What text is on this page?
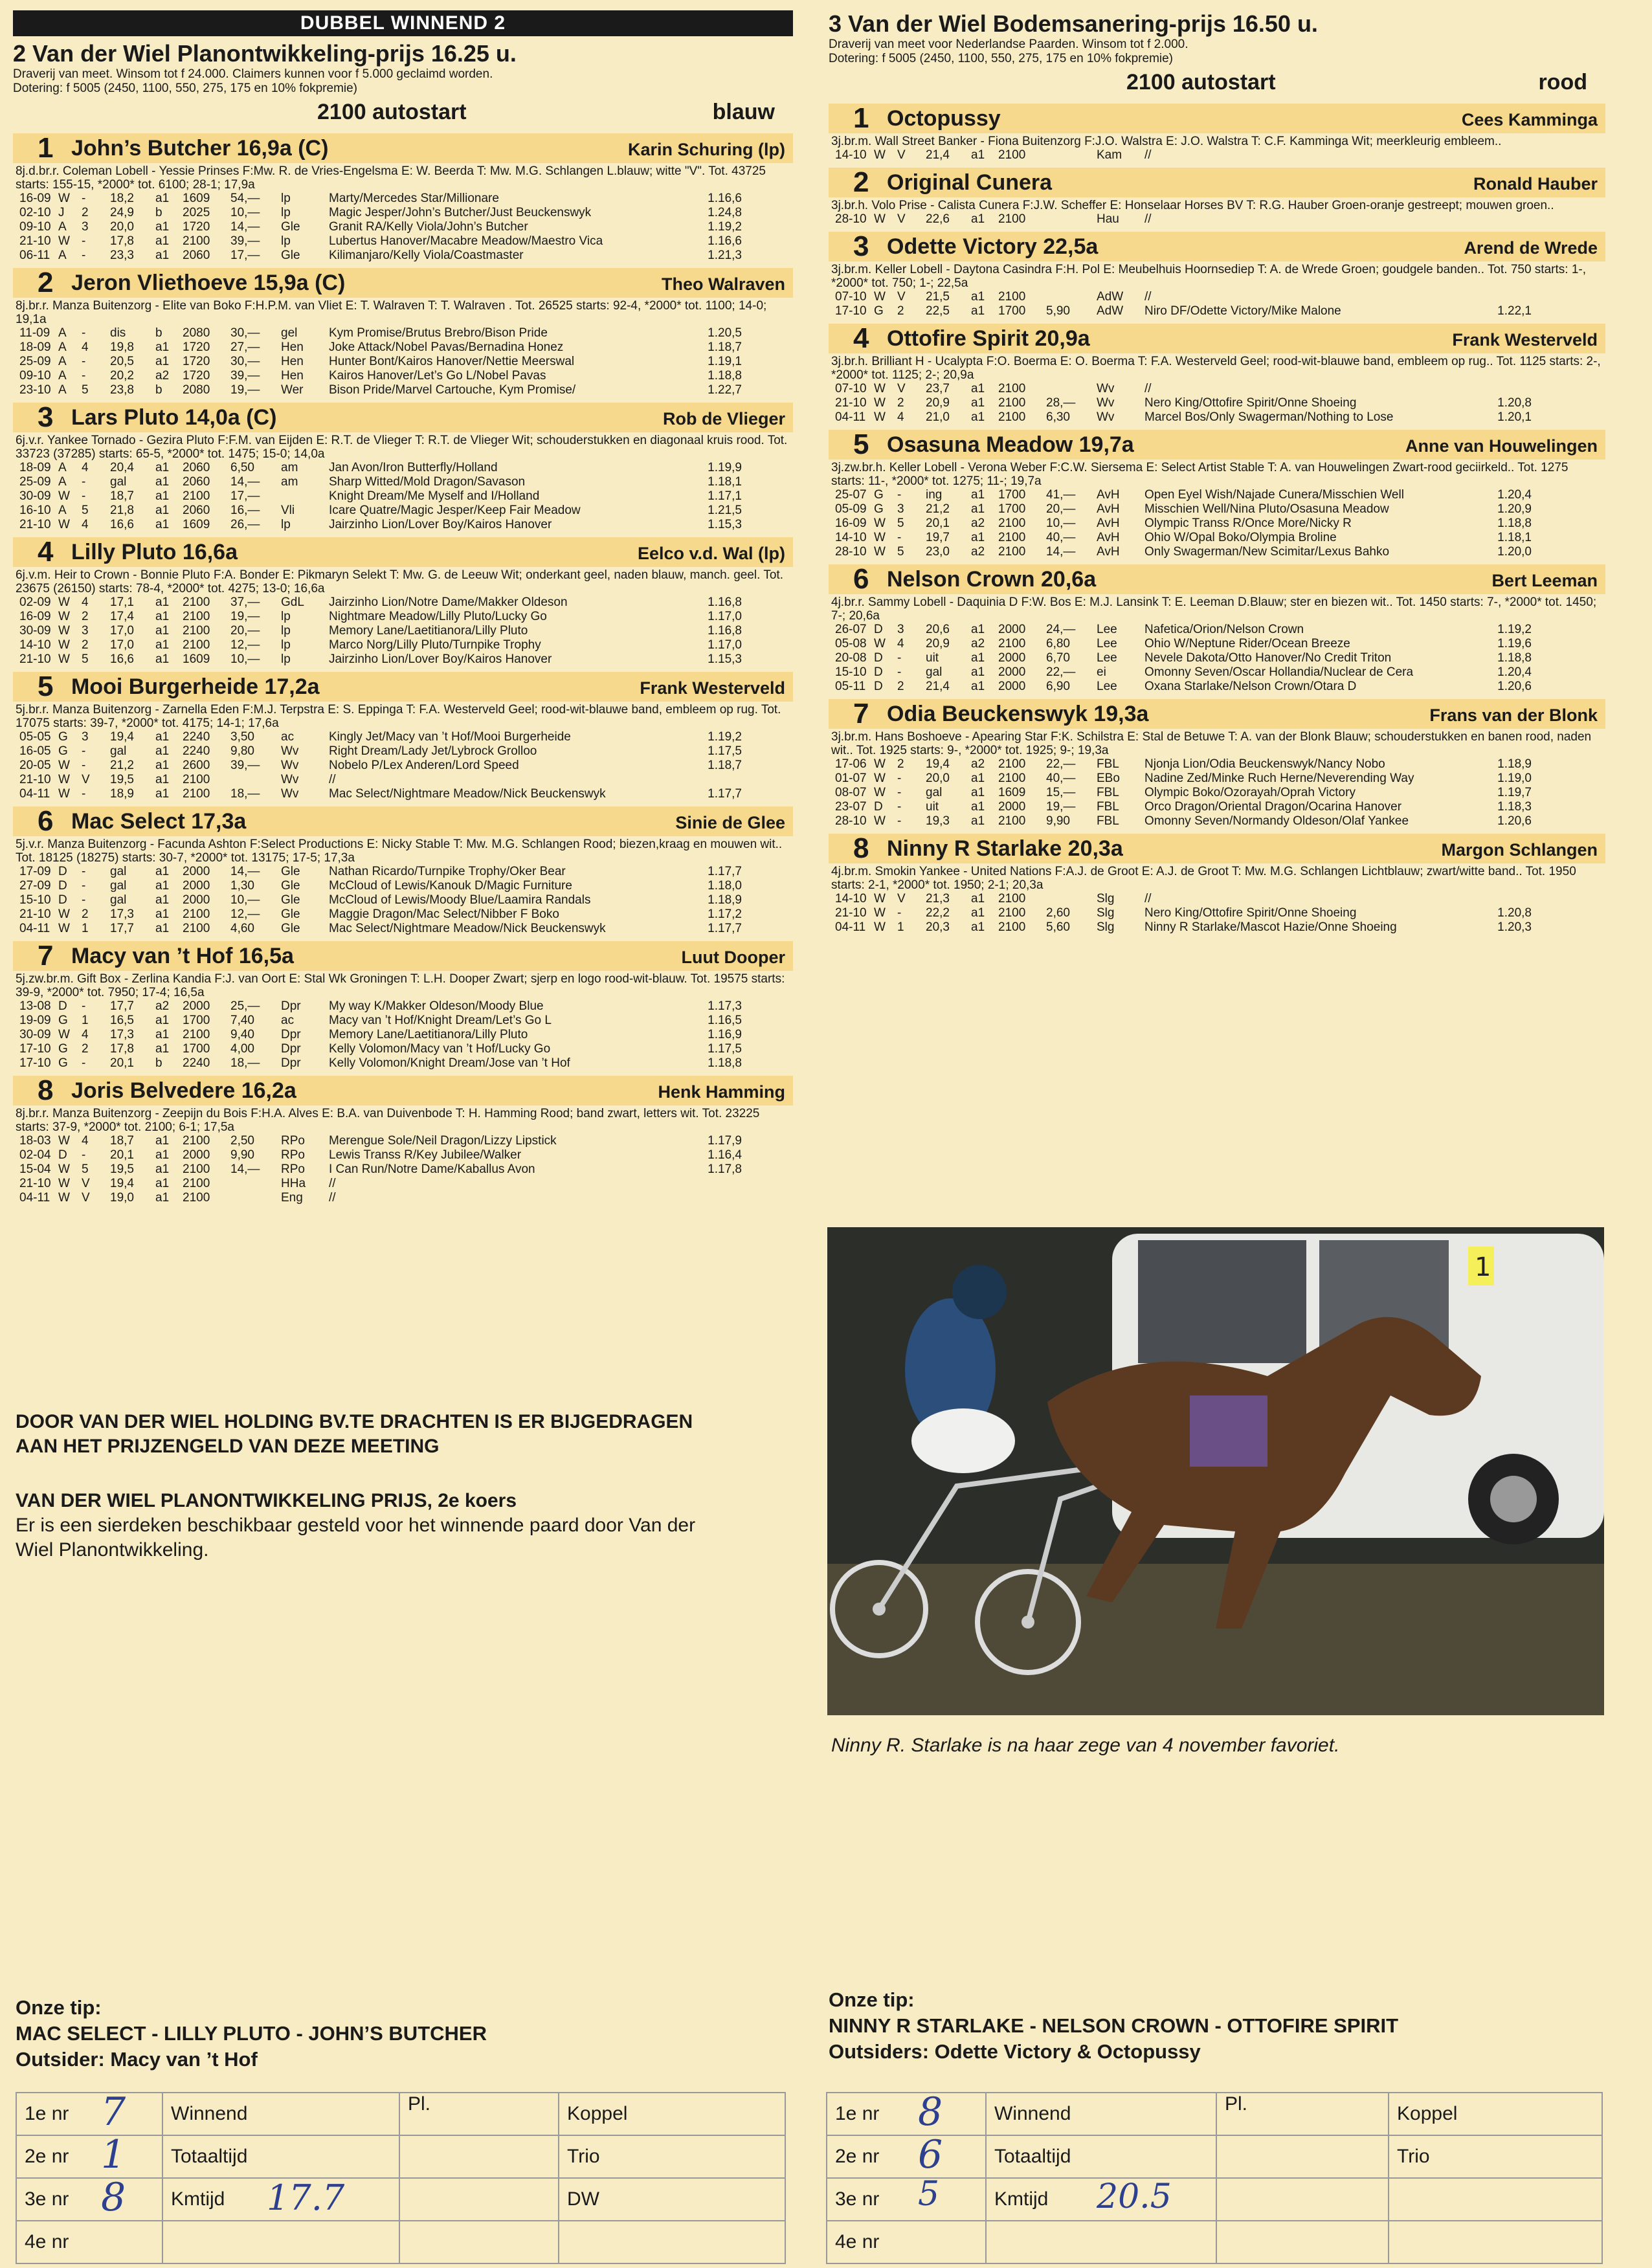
DUBBEL WINNEND 2
2 Van der Wiel Planontwikkeling-prijs 16.25 u.
Draverij van meet. Winsom tot f 24.000. Claimers kunnen voor f 5.000 geclaimd worden.
Dotering: f 5005 (2450, 1100, 550, 275, 175 en 10% fokpremie)
2100 autostart	blauw
1 John’s Butcher 16,9a (C)	Karin Schuring (lp)
8j.d.br.r. Coleman Lobell - Yessie Prinses F:Mw. R. de Vries-Engelsma E: W. Beerda T: Mw. M.G. Schlangen L.blauw; witte "V". Tot. 43725 starts: 155-15, *2000* tot. 6100; 28-1; 17,9a
16-09	W	-	18,2	a1	1609	54,—	lp	Marty/Mercedes Star/Millionare	1.16,6
02-10	J	2	24,9	b	2025	10,—	lp	Magic Jesper/John’s Butcher/Just Beuckenswyk	1.24,8
09-10	A	3	20,0	a1	1720	14,—	Gle	Granit RA/Kelly Viola/John’s Butcher	1.19,2
21-10	W	-	17,8	a1	2100	39,—	lp	Lubertus Hanover/Macabre Meadow/Maestro Vica	1.16,6
06-11	A	-	23,3	a1	2060	17,—	Gle	Kilimanjaro/Kelly Viola/Coastmaster	1.21,3
2 Jeron Vliethoeve 15,9a (C)	Theo Walraven
8j.br.r. Manza Buitenzorg - Elite van Boko F:H.P.M. van Vliet E: T. Walraven T: T. Walraven . Tot. 26525 starts: 92-4, *2000* tot. 1100; 14-0; 19,1a
11-09	A	-	dis	b	2080	30,—	gel	Kym Promise/Brutus Brebro/Bison Pride	1.20,5
18-09	A	4	19,8	a1	1720	27,—	Hen	Joke Attack/Nobel Pavas/Bernadina Honez	1.18,7
25-09	A	-	20,5	a1	1720	30,—	Hen	Hunter Bont/Kairos Hanover/Nettie Meerswal	1.19,1
09-10	A	-	20,2	a2	1720	39,—	Hen	Kairos Hanover/Let’s Go L/Nobel Pavas	1.18,8
23-10	A	5	23,8	b	2080	19,—	Wer	Bison Pride/Marvel Cartouche, Kym Promise/	1.22,7
3 Lars Pluto 14,0a (C)	Rob de Vlieger
6j.v.r. Yankee Tornado - Gezira Pluto F:F.M. van Eijden E: R.T. de Vlieger T: R.T. de Vlieger Wit; schouderstukken en diagonaal kruis rood. Tot. 33723 (37285) starts: 65-5, *2000* tot. 1475; 15-0; 14,0a
18-09	A	4	20,4	a1	2060	6,50	am	Jan Avon/Iron Butterfly/Holland	1.19,9
25-09	A	-	gal	a1	2060	14,—	am	Sharp Witted/Mold Dragon/Savason	1.18,1
30-09	W	-	18,7	a1	2100	17,—		Knight Dream/Me Myself and I/Holland	1.17,1
16-10	A	5	21,8	a1	2060	16,—	Vli	Icare Quatre/Magic Jesper/Keep Fair Meadow	1.21,5
21-10	W	4	16,6	a1	1609	26,—	lp	Jairzinho Lion/Lover Boy/Kairos Hanover	1.15,3
4 Lilly Pluto 16,6a	Eelco v.d. Wal (lp)
6j.v.m. Heir to Crown - Bonnie Pluto F:A. Bonder E: Pikmaryn Selekt T: Mw. G. de Leeuw Wit; onderkant geel, naden blauw, manch. geel. Tot. 23675 (26150) starts: 78-4, *2000* tot. 4275; 13-0; 16,6a
02-09	W	4	17,1	a1	2100	37,—	GdL	Jairzinho Lion/Notre Dame/Makker Oldeson	1.16,8
16-09	W	2	17,4	a1	2100	19,—	lp	Nightmare Meadow/Lilly Pluto/Lucky Go	1.17,0
30-09	W	3	17,0	a1	2100	20,—	lp	Memory Lane/Laetitianora/Lilly Pluto	1.16,8
14-10	W	2	17,0	a1	2100	12,—	lp	Marco Norg/Lilly Pluto/Turnpike Trophy	1.17,0
21-10	W	5	16,6	a1	1609	10,—	lp	Jairzinho Lion/Lover Boy/Kairos Hanover	1.15,3
5 Mooi Burgerheide 17,2a	Frank Westerveld
5j.br.r. Manza Buitenzorg - Zarnella Eden F:M.J. Terpstra E: S. Eppinga T: F.A. Westerveld Geel; rood-wit-blauwe band, embleem op rug. Tot. 17075 starts: 39-7, *2000* tot. 4175; 14-1; 17,6a
05-05	G	3	19,4	a1	2240	3,50	ac	Kingly Jet/Macy van ’t Hof/Mooi Burgerheide	1.19,2
16-05	G	-	gal	a1	2240	9,80	Wv	Right Dream/Lady Jet/Lybrock Grolloo	1.17,5
20-05	W	-	21,2	a1	2600	39,—	Wv	Nobelo P/Lex Anderen/Lord Speed	1.18,7
21-10	W	V	19,5	a1	2100		Wv	//	
04-11	W	-	18,9	a1	2100	18,—	Wv	Mac Select/Nightmare Meadow/Nick Beuckenswyk	1.17,7
6 Mac Select 17,3a	Sinie de Glee
5j.v.r. Manza Buitenzorg - Facunda Ashton F:Select Productions E: Nicky Stable T: Mw. M.G. Schlangen Rood; biezen,kraag en mouwen wit.. Tot. 18125 (18275) starts: 30-7, *2000* tot. 13175; 17-5; 17,3a
17-09	D	-	gal	a1	2000	14,—	Gle	Nathan Ricardo/Turnpike Trophy/Oker Bear	1.17,7
27-09	D	-	gal	a1	2000	1,30	Gle	McCloud of Lewis/Kanouk D/Magic Furniture	1.18,0
15-10	D	-	gal	a1	2000	10,—	Gle	McCloud of Lewis/Moody Blue/Laamira Randals	1.18,9
21-10	W	2	17,3	a1	2100	12,—	Gle	Maggie Dragon/Mac Select/Nibber F Boko	1.17,2
04-11	W	1	17,7	a1	2100	4,60	Gle	Mac Select/Nightmare Meadow/Nick Beuckenswyk	1.17,7
7 Macy van ’t Hof 16,5a	Luut Dooper
5j.zw.br.m. Gift Box - Zerlina Kandia F:J. van Oort E: Stal Wk Groningen T: L.H. Dooper Zwart; sjerp en logo rood-wit-blauw. Tot. 19575 starts: 39-9, *2000* tot. 7950; 17-4; 16,5a
13-08	D	-	17,7	a2	2000	25,—	Dpr	My way K/Makker Oldeson/Moody Blue	1.17,3
19-09	G	1	16,5	a1	1700	7,40	ac	Macy van ’t Hof/Knight Dream/Let’s Go L	1.16,5
30-09	W	4	17,3	a1	2100	9,40	Dpr	Memory Lane/Laetitianora/Lilly Pluto	1.16,9
17-10	G	2	17,8	a1	1700	4,00	Dpr	Kelly Volomon/Macy van ’t Hof/Lucky Go	1.17,5
17-10	G	-	20,1	b	2240	18,—	Dpr	Kelly Volomon/Knight Dream/Jose van ’t Hof	1.18,8
8 Joris Belvedere 16,2a	Henk Hamming
8j.br.r. Manza Buitenzorg - Zeepijn du Bois F:H.A. Alves E: B.A. van Duivenbode T: H. Hamming Rood; band zwart, letters wit. Tot. 23225 starts: 37-9, *2000* tot. 2100; 6-1; 17,5a
18-03	W	4	18,7	a1	2100	2,50	RPo	Merengue Sole/Neil Dragon/Lizzy Lipstick	1.17,9
02-04	D	-	20,1	a1	2000	9,90	RPo	Lewis Transs R/Key Jubilee/Walker	1.16,4
15-04	W	5	19,5	a1	2100	14,—	RPo	I Can Run/Notre Dame/Kaballus Avon	1.17,8
21-10	W	V	19,4	a1	2100		HHa	//	
04-11	W	V	19,0	a1	2100		Eng	//	
3 Van der Wiel Bodemsanering-prijs 16.50 u.
Draverij van meet voor Nederlandse Paarden. Winsom tot f 2.000.
Dotering: f 5005 (2450, 1100, 550, 275, 175 en 10% fokpremie)
2100 autostart	rood
1 Octopussy	Cees Kamminga
3j.br.m. Wall Street Banker - Fiona Buitenzorg F:J.O. Walstra E: J.O. Walstra T: C.F. Kamminga Wit; meerkleurig embleem..
14-10	W	V	21,4	a1	2100		Kam	//	
2 Original Cunera	Ronald Hauber
3j.br.h. Volo Prise - Calista Cunera F:J.W. Scheffer E: Honselaar Horses BV T: R.G. Hauber Groen-oranje gestreept; mouwen groen..
28-10	W	V	22,6	a1	2100		Hau	//	
3 Odette Victory 22,5a	Arend de Wrede
3j.br.m. Keller Lobell - Daytona Casindra F:H. Pol E: Meubelhuis Hoornsediep T: A. de Wrede Groen; goudgele banden.. Tot. 750 starts: 1-, *2000* tot. 750; 1-; 22,5a
07-10	W	V	21,5	a1	2100		AdW	//	
17-10	G	2	22,5	a1	1700	5,90	AdW	Niro DF/Odette Victory/Mike Malone	1.22,1
4 Ottofire Spirit 20,9a	Frank Westerveld
3j.br.h. Brilliant H - Ucalypta F:O. Boerma E: O. Boerma T: F.A. Westerveld Geel; rood-wit-blauwe band, embleem op rug.. Tot. 1125 starts: 2-, *2000* tot. 1125; 2-; 20,9a
07-10	W	V	23,7	a1	2100		Wv	//	
21-10	W	2	20,9	a1	2100	28,—	Wv	Nero King/Ottofire Spirit/Onne Shoeing	1.20,8
04-11	W	4	21,0	a1	2100	6,30	Wv	Marcel Bos/Only Swagerman/Nothing to Lose	1.20,1
5 Osasuna Meadow 19,7a	Anne van Houwelingen
3j.zw.br.h. Keller Lobell - Verona Weber F:C.W. Siersema E: Select Artist Stable T: A. van Houwelingen Zwart-rood geciirkeld.. Tot. 1275 starts: 11-, *2000* tot. 1275; 11-; 19,7a
25-07	G	-	ing	a1	1700	41,—	AvH	Open Eyel Wish/Najade Cunera/Misschien Well	1.20,4
05-09	G	3	21,2	a1	1700	20,—	AvH	Misschien Well/Nina Pluto/Osasuna Meadow	1.20,9
16-09	W	5	20,1	a2	2100	10,—	AvH	Olympic Transs R/Once More/Nicky R	1.18,8
14-10	W	-	19,7	a1	2100	40,—	AvH	Ohio W/Opal Boko/Olympia Broline	1.18,1
28-10	W	5	23,0	a2	2100	14,—	AvH	Only Swagerman/New Scimitar/Lexus Bahko	1.20,0
6 Nelson Crown 20,6a	Bert Leeman
4j.br.r. Sammy Lobell - Daquinia D F:W. Bos E: M.J. Lansink T: E. Leeman D.Blauw; ster en biezen wit.. Tot. 1450 starts: 7-, *2000* tot. 1450; 7-; 20,6a
26-07	D	3	20,6	a1	2000	24,—	Lee	Nafetica/Orion/Nelson Crown	1.19,2
05-08	W	4	20,9	a2	2100	6,80	Lee	Ohio W/Neptune Rider/Ocean Breeze	1.19,6
20-08	D	-	uit	a1	2000	6,70	Lee	Nevele Dakota/Otto Hanover/No Credit Triton	1.18,8
15-10	D	-	gal	a1	2000	22,—	ei	Omonny Seven/Oscar Hollandia/Nuclear de Cera	1.20,4
05-11	D	2	21,4	a1	2000	6,90	Lee	Oxana Starlake/Nelson Crown/Otara D	1.20,6
7 Odia Beuckenswyk 19,3a	Frans van der Blonk
3j.br.m. Hans Boshoeve - Apearing Star F:K. Schilstra E: Stal de Betuwe T: A. van der Blonk Blauw; schouderstukken en banen rood, naden wit.. Tot. 1925 starts: 9-, *2000* tot. 1925; 9-; 19,3a
17-06	W	2	19,4	a2	2100	22,—	FBL	Njonja Lion/Odia Beuckenswyk/Nancy Nobo	1.18,9
01-07	W	-	20,0	a1	2100	40,—	EBo	Nadine Zed/Minke Ruch Herne/Neverending Way	1.19,0
08-07	W	-	gal	a1	1609	15,—	FBL	Olympic Boko/Ozorayah/Oprah Victory	1.19,7
23-07	D	-	uit	a1	2000	19,—	FBL	Orco Dragon/Oriental Dragon/Ocarina Hanover	1.18,3
28-10	W	-	19,3	a1	2100	9,90	FBL	Omonny Seven/Normandy Oldeson/Olaf Yankee	1.20,6
8 Ninny R Starlake 20,3a	Margon Schlangen
4j.br.m. Smokin Yankee - United Nations F:A.J. de Groot E: A.J. de Groot T: Mw. M.G. Schlangen Lichtblauw; zwart/witte band.. Tot. 1950 starts: 2-1, *2000* tot. 1950; 2-1; 20,3a
14-10	W	V	21,3	a1	2100		Slg	//	
21-10	W	-	22,2	a1	2100	2,60	Slg	Nero King/Ottofire Spirit/Onne Shoeing	1.20,8
04-11	W	1	20,3	a1	2100	5,60	Slg	Ninny R Starlake/Mascot Hazie/Onne Shoeing	1.20,3
DOOR VAN DER WIEL HOLDING BV.TE DRACHTEN IS ER BIJGEDRAGEN
AAN HET PRIJZENGELD VAN DEZE MEETING
VAN DER WIEL PLANONTWIKKELING PRIJS, 2e koers
Er is een sierdeken beschikbaar gesteld voor het winnende paard door Van der
Wiel Planontwikkeling.
1
Ninny R. Starlake is na haar zege van 4 november favoriet.
Onze tip:
MAC SELECT - LILLY PLUTO - JOHN’S BUTCHER
Outsider: Macy van ’t Hof
Onze tip:
NINNY R STARLAKE - NELSON CROWN - OTTOFIRE SPIRIT
Outsiders: Odette Victory & Octopussy
1e nr 7	Winnend	Pl.	Koppel
2e nr 1	Totaaltijd		Trio
3e nr 8	Kmtijd 17.7		DW
4e nr			
1e nr 8	Winnend	Pl.	Koppel
2e nr 6	Totaaltijd		Trio
3e nr 5	Kmtijd 20.5		

4e nr			
